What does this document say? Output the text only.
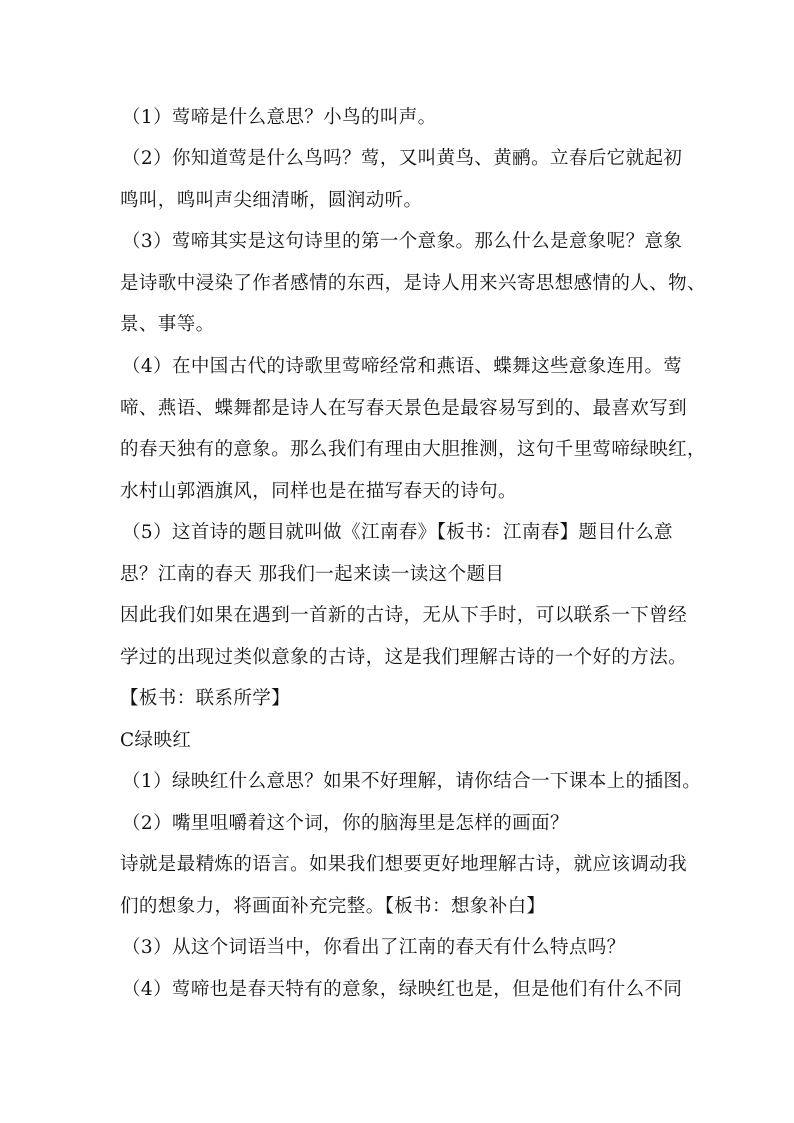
（1）莺啼是什么意思？小鸟的叫声。
（2）你知道莺是什么鸟吗？莺，又叫黄鸟、黄鹂。立春后它就起初
鸣叫，鸣叫声尖细清晰，圆润动听。
（3）莺啼其实是这句诗里的第一个意象。那么什么是意象呢？意象
是诗歌中浸染了作者感情的东西，是诗人用来兴寄思想感情的人、物、
景、事等。
（4）在中国古代的诗歌里莺啼经常和燕语、蝶舞这些意象连用。莺
啼、燕语、蝶舞都是诗人在写春天景色是最容易写到的、最喜欢写到
的春天独有的意象。那么我们有理由大胆推测，这句千里莺啼绿映红，
水村山郭酒旗风，同样也是在描写春天的诗句。
（5）这首诗的题目就叫做《江南春》【板书：江南春】题目什么意
思？江南的春天 那我们一起来读一读这个题目
因此我们如果在遇到一首新的古诗，无从下手时，可以联系一下曾经
学过的出现过类似意象的古诗，这是我们理解古诗的一个好的方法。
【板书：联系所学】
C绿映红
（1）绿映红什么意思？如果不好理解，请你结合一下课本上的插图。
（2）嘴里咀嚼着这个词，你的脑海里是怎样的画面？
诗就是最精炼的语言。如果我们想要更好地理解古诗，就应该调动我
们的想象力，将画面补充完整。【板书：想象补白】
（3）从这个词语当中，你看出了江南的春天有什么特点吗？
（4）莺啼也是春天特有的意象，绿映红也是，但是他们有什么不同
